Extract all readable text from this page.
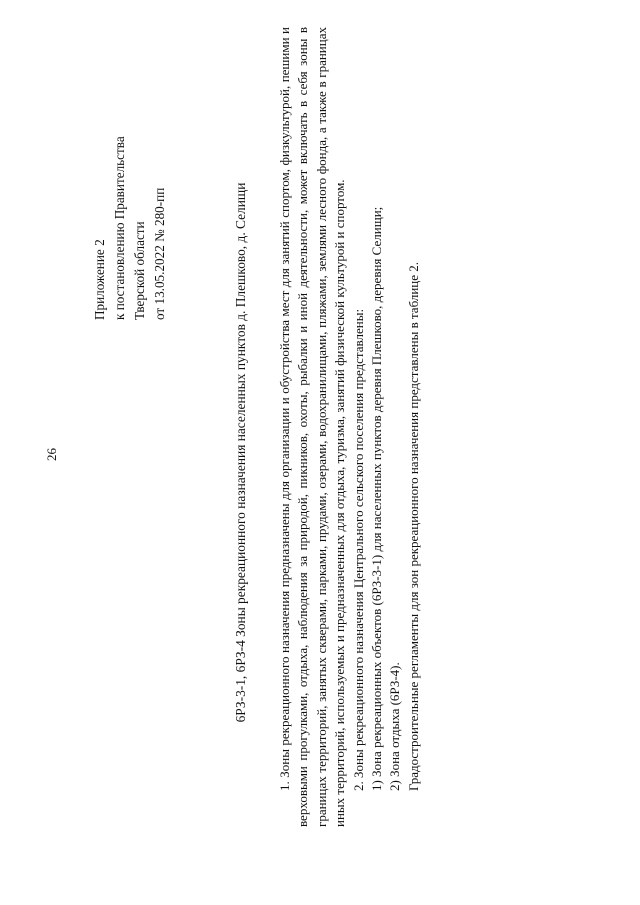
26
Приложение 2 к постановлению Правительства Тверской области от 13.05.2022 № 280-пп	6РЗ-3-1, 6РЗ-4 Зоны рекреационного назначения населенных пунктов д. Плешково, д. Селищи 1. Зоны рекреационного назначения предназначены для организации и обустройства мест для занятий спортом, физкультурой, пешими и верховыми прогулками, отдыха, наблюдения за природой, пикников, охоты, рыбалки и иной деятельности, может включать в себя зоны в границах территорий, занятых скверами, парками, прудами, озерами, водохранилищами, пляжами, землями лесного фонда, а также в границах иных территорий, используемых и предназначенных для отдыха, туризма, занятий физической культурой и спортом. 2. Зоны рекреационного назначения Центрального сельского поселения представлены: 1) Зона рекреационных объектов (6РЗ-3-1) для населенных пунктов деревня Плешково, деревня Селищи; 2) Зона отдыха (6РЗ-4). Градостроительные регламенты для зон рекреационного назначения представлены в таблице 2.
